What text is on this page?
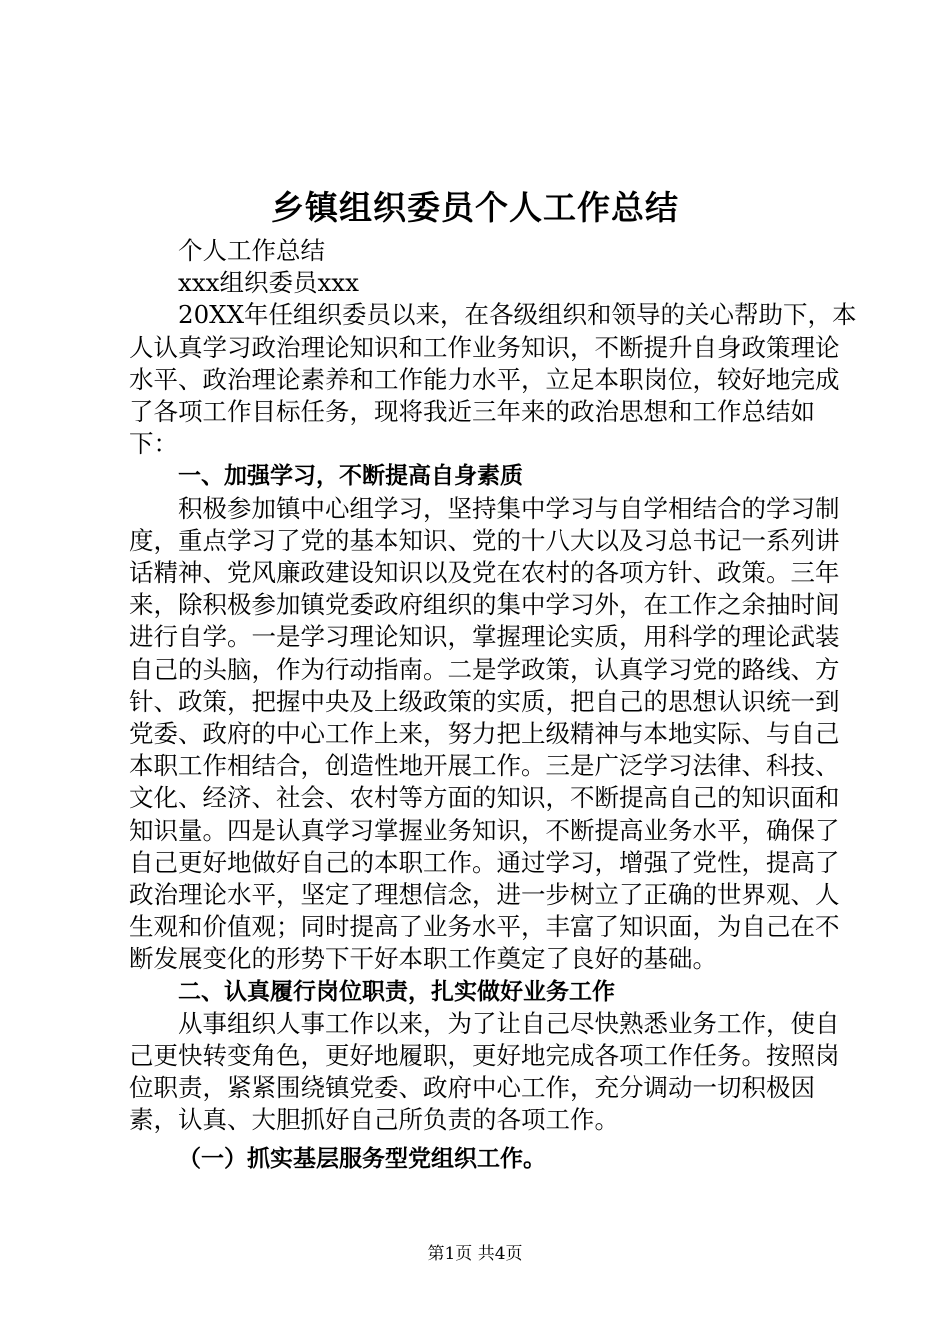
乡镇组织委员个人工作总结

个人工作总结

xxx组织委员xxx

20XX年任组织委员以来，在各级组织和领导的关心帮助下，本人认真学习政治理论知识和工作业务知识，不断提升自身政策理论水平、政治理论素养和工作能力水平，立足本职岗位，较好地完成了各项工作目标任务，现将我近三年来的政治思想和工作总结如下：

一、加强学习，不断提高自身素质

积极参加镇中心组学习，坚持集中学习与自学相结合的学习制度，重点学习了党的基本知识、党的十八大以及习总书记一系列讲话精神、党风廉政建设知识以及党在农村的各项方针、政策。三年来，除积极参加镇党委政府组织的集中学习外，在工作之余抽时间进行自学。一是学习理论知识，掌握理论实质，用科学的理论武装自己的头脑，作为行动指南。二是学政策，认真学习党的路线、方针、政策，把握中央及上级政策的实质，把自己的思想认识统一到党委、政府的中心工作上来，努力把上级精神与本地实际、与自己本职工作相结合，创造性地开展工作。三是广泛学习法律、科技、文化、经济、社会、农村等方面的知识，不断提高自己的知识面和知识量。四是认真学习掌握业务知识，不断提高业务水平，确保了自己更好地做好自己的本职工作。通过学习，增强了党性，提高了政治理论水平，坚定了理想信念，进一步树立了正确的世界观、人生观和价值观；同时提高了业务水平，丰富了知识面，为自己在不断发展变化的形势下干好本职工作奠定了良好的基础。

二、认真履行岗位职责，扎实做好业务工作

从事组织人事工作以来，为了让自己尽快熟悉业务工作，使自己更快转变角色，更好地履职，更好地完成各项工作任务。按照岗位职责，紧紧围绕镇党委、政府中心工作，充分调动一切积极因素，认真、大胆抓好自己所负责的各项工作。

（一）抓实基层服务型党组织工作。

第1页 共4页
